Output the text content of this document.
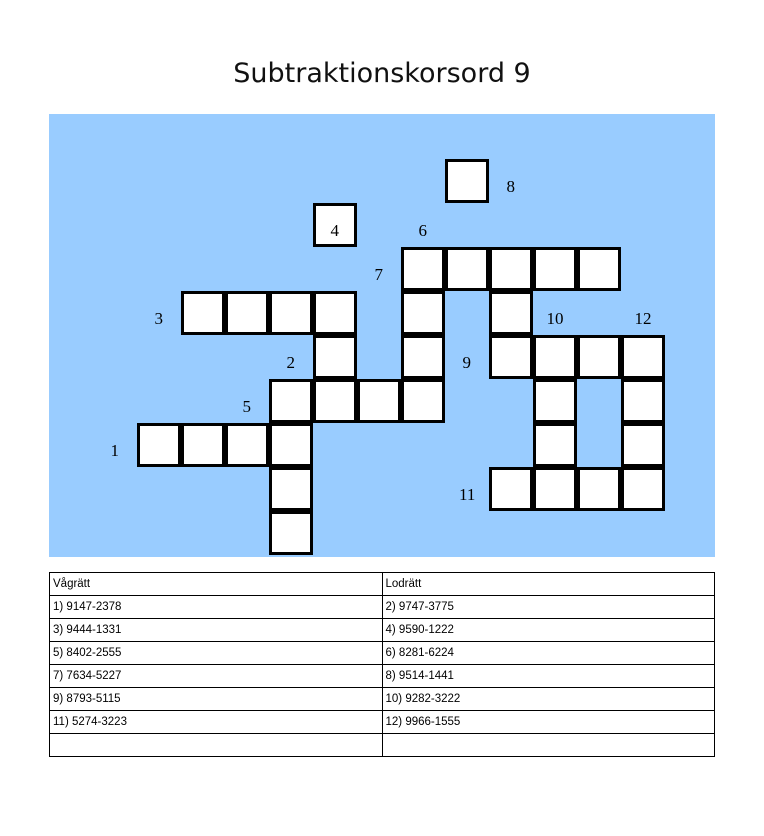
Subtraktionskorsord 9
8
4	6
7
3	10	12
2	9
5
1
11
Vågrätt	Lodrätt
1) 9147-2378	2) 9747-3775
3) 9444-1331	4) 9590-1222
5) 8402-2555	6) 8281-6224
7) 7634-5227	8) 9514-1441
9) 8793-5115	10) 9282-3222
11) 5274-3223	12) 9966-1555
